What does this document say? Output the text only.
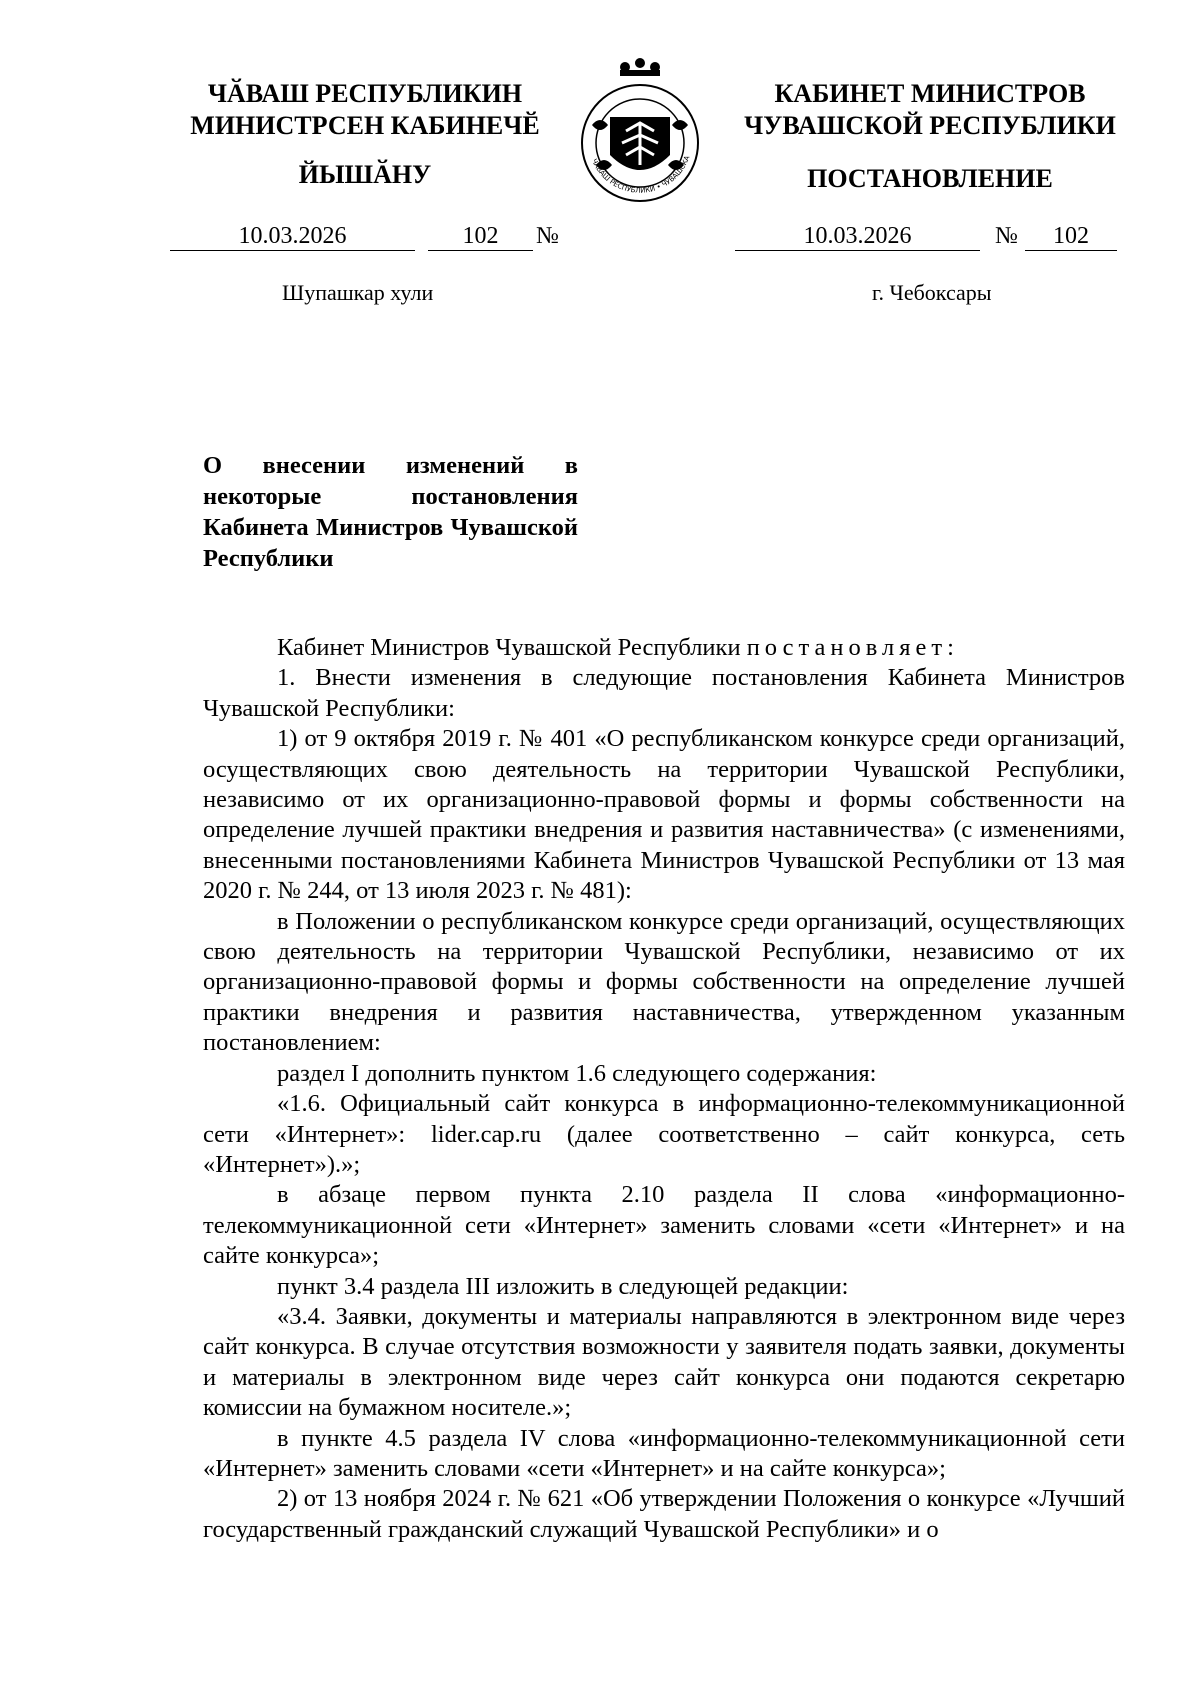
ЧӐВАШ РЕСПУБЛИКИН
МИНИСТРСЕН КАБИНЕЧӖ
ЙЫШӐНУ	ЧӐВАШ РЕСПУБЛИКИ • ЧУВАШСКА
КАБИНЕТ МИНИСТРОВ
ЧУВАШСКОЙ РЕСПУБЛИКИ
ПОСТАНОВЛЕНИЕ
10.03.2026	102	№	10.03.2026	№	102
Шупашкар хули	г. Чебоксары
О внесении изменений в некоторые постановления Кабинета Министров Чувашской Республики

Кабинет Министров Чувашской Республики постановляет:

1. Внести изменения в следующие постановления Кабинета Министров Чувашской Республики:

1) от 9 октября 2019 г. № 401 «О республиканском конкурсе среди организаций, осуществляющих свою деятельность на территории Чувашской Республики, независимо от их организационно-правовой формы и формы собственности на определение лучшей практики внедрения и развития наставничества» (с изменениями, внесенными постановлениями Кабинета Министров Чувашской Республики от 13 мая 2020 г. № 244, от 13 июля 2023 г. № 481):

в Положении о республиканском конкурсе среди организаций, осуществляющих свою деятельность на территории Чувашской Республики, независимо от их организационно-правовой формы и формы собственности на определение лучшей практики внедрения и развития наставничества, утвержденном указанным постановлением:

раздел I дополнить пунктом 1.6 следующего содержания:

«1.6. Официальный сайт конкурса в информационно-телекоммуникационной сети «Интернет»: lider.cap.ru (далее соответственно – сайт конкурса, сеть «Интернет»).»;

в абзаце первом пункта 2.10 раздела II слова «информационно-телекоммуникационной сети «Интернет» заменить словами «сети «Интернет» и на сайте конкурса»;

пункт 3.4 раздела III изложить в следующей редакции:

«3.4. Заявки, документы и материалы направляются в электронном виде через сайт конкурса. В случае отсутствия возможности у заявителя подать заявки, документы и материалы в электронном виде через сайт конкурса они подаются секретарю комиссии на бумажном носителе.»;

в пункте 4.5 раздела IV слова «информационно-телекоммуникационной сети «Интернет» заменить словами «сети «Интернет» и на сайте конкурса»;

2) от 13 ноября 2024 г. № 621 «Об утверждении Положения о конкурсе «Лучший государственный гражданский служащий Чувашской Республики» и о
